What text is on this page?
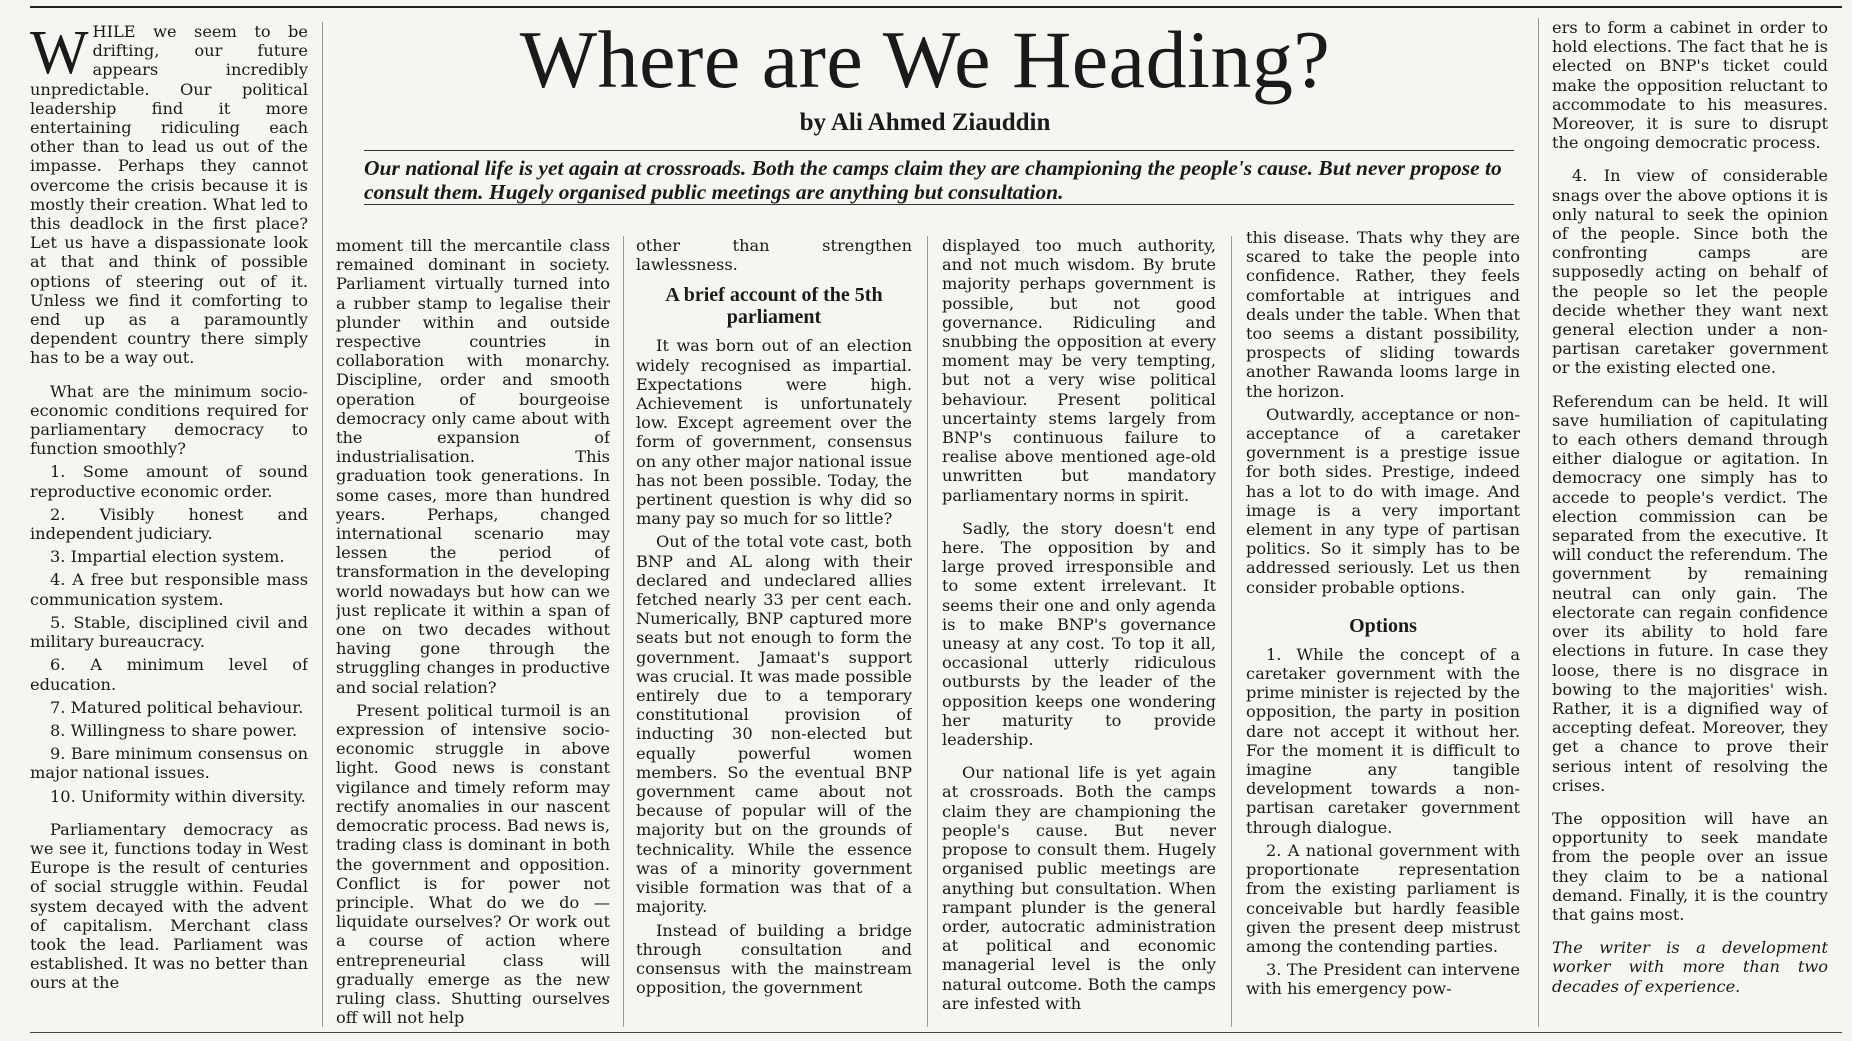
WHILE we seem to be drifting, our future appears incredibly unpredictable. Our political leadership find it more entertaining ridiculing each other than to lead us out of the impasse. Perhaps they cannot overcome the crisis because it is mostly their creation. What led to this deadlock in the first place? Let us have a dispassionate look at that and think of possible options of steering out of it. Unless we find it comforting to end up as a paramountly dependent country there simply has to be a way out.

What are the minimum socio-economic conditions required for parliamentary democracy to function smoothly?

1. Some amount of sound reproductive economic order.

2. Visibly honest and independent judiciary.

3. Impartial election system.

4. A free but responsible mass communication system.

5. Stable, disciplined civil and military bureaucracy.

6. A minimum level of education.

7. Matured political behaviour.

8. Willingness to share power.

9. Bare minimum consensus on major national issues.

10. Uniformity within diversity.

Parliamentary democracy as we see it, functions today in West Europe is the result of centuries of social struggle within. Feudal system decayed with the advent of capitalism. Merchant class took the lead. Parliament was established. It was no better than ours at the

Where are We Heading?
by Ali Ahmed Ziauddin

Our national life is yet again at crossroads. Both the camps claim they are championing the people's cause. But never propose to consult them. Hugely organised public meetings are anything but consultation.

moment till the mercantile class remained dominant in society. Parliament virtually turned into a rubber stamp to legalise their plunder within and outside respective countries in collaboration with monarchy. Discipline, order and smooth operation of bourgeoise democracy only came about with the expansion of industrialisation. This graduation took generations. In some cases, more than hundred years. Perhaps, changed international scenario may lessen the period of transformation in the developing world nowadays but how can we just replicate it within a span of one on two decades without having gone through the struggling changes in productive and social relation?

Present political turmoil is an expression of intensive socio-economic struggle in above light. Good news is constant vigilance and timely reform may rectify anomalies in our nascent democratic process. Bad news is, trading class is dominant in both the government and opposition. Conflict is for power not principle. What do we do — liquidate ourselves? Or work out a course of action where entrepreneurial class will gradually emerge as the new ruling class. Shutting ourselves off will not help

other than strengthen lawlessness.

A brief account of the 5th parliament

It was born out of an election widely recognised as impartial. Expectations were high. Achievement is unfortunately low. Except agreement over the form of government, consensus on any other major national issue has not been possible. Today, the pertinent question is why did so many pay so much for so little?

Out of the total vote cast, both BNP and AL along with their declared and undeclared allies fetched nearly 33 per cent each. Numerically, BNP captured more seats but not enough to form the government. Jamaat's support was crucial. It was made possible entirely due to a temporary constitutional provision of inducting 30 non-elected but equally powerful women members. So the eventual BNP government came about not because of popular will of the majority but on the grounds of technicality. While the essence was of a minority government visible formation was that of a majority.

Instead of building a bridge through consultation and consensus with the mainstream opposition, the government

displayed too much authority, and not much wisdom. By brute majority perhaps government is possible, but not good governance. Ridiculing and snubbing the opposition at every moment may be very tempting, but not a very wise political behaviour. Present political uncertainty stems largely from BNP's continuous failure to realise above mentioned age-old unwritten but mandatory parliamentary norms in spirit.

Sadly, the story doesn't end here. The opposition by and large proved irresponsible and to some extent irrelevant. It seems their one and only agenda is to make BNP's governance uneasy at any cost. To top it all, occasional utterly ridiculous outbursts by the leader of the opposition keeps one wondering her maturity to provide leadership.

Our national life is yet again at crossroads. Both the camps claim they are championing the people's cause. But never propose to consult them. Hugely organised public meetings are anything but consultation. When rampant plunder is the general order, autocratic administration at political and economic managerial level is the only natural outcome. Both the camps are infested with

this disease. Thats why they are scared to take the people into confidence. Rather, they feels comfortable at intrigues and deals under the table. When that too seems a distant possibility, prospects of sliding towards another Rawanda looms large in the horizon.

Outwardly, acceptance or non-acceptance of a caretaker government is a prestige issue for both sides. Prestige, indeed has a lot to do with image. And image is a very important element in any type of partisan politics. So it simply has to be addressed seriously. Let us then consider probable options.

Options

1. While the concept of a caretaker government with the prime minister is rejected by the opposition, the party in position dare not accept it without her. For the moment it is difficult to imagine any tangible development towards a non-partisan caretaker government through dialogue.

2. A national government with proportionate representation from the existing parliament is conceivable but hardly feasible given the present deep mistrust among the contending parties.

3. The President can intervene with his emergency pow-

ers to form a cabinet in order to hold elections. The fact that he is elected on BNP's ticket could make the opposition reluctant to accommodate to his measures. Moreover, it is sure to disrupt the ongoing democratic process.

4. In view of considerable snags over the above options it is only natural to seek the opinion of the people. Since both the confronting camps are supposedly acting on behalf of the people so let the people decide whether they want next general election under a non-partisan caretaker government or the existing elected one.

Referendum can be held. It will save humiliation of capitulating to each others demand through either dialogue or agitation. In democracy one simply has to accede to people's verdict. The election commission can be separated from the executive. It will conduct the referendum. The government by remaining neutral can only gain. The electorate can regain confidence over its ability to hold fare elections in future. In case they loose, there is no disgrace in bowing to the majorities' wish. Rather, it is a dignified way of accepting defeat. Moreover, they get a chance to prove their serious intent of resolving the crises.

The opposition will have an opportunity to seek mandate from the people over an issue they claim to be a national demand. Finally, it is the country that gains most.

The writer is a development worker with more than two decades of experience.
